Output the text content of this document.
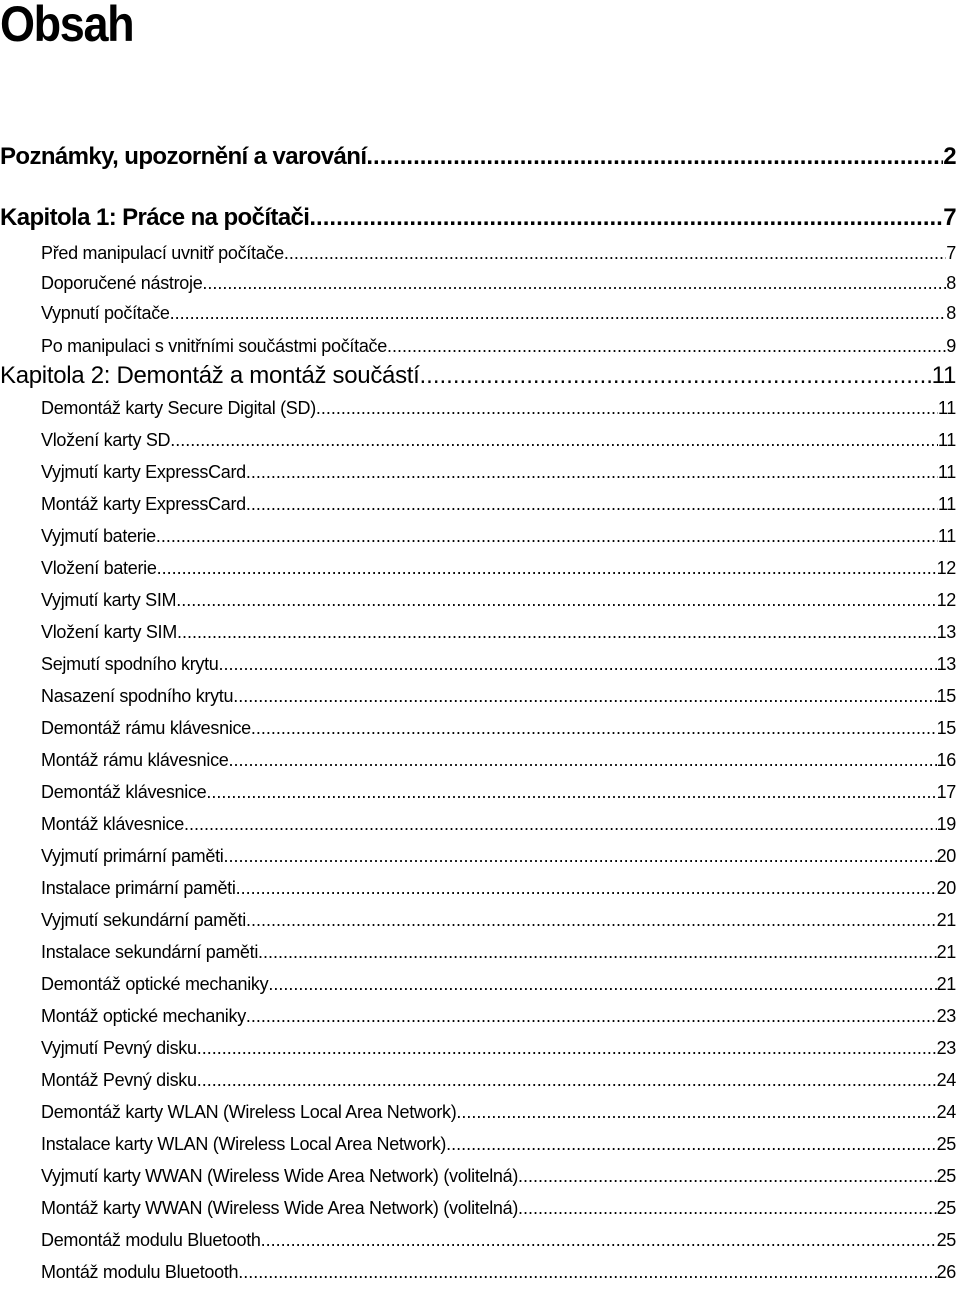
Obsah
Poznámky, upozornění a varování .....	2
Kapitola 1: Práce na počítači .....	7
Před manipulací uvnitř počítače .....	7
Doporučené nástroje .....	8
Vypnutí počítače .....	8
Po manipulaci s vnitřními součástmi počítače .....	9
Kapitola 2: Demontáž a montáž součástí .....	11
Demontáž karty Secure Digital (SD) .....	11
Vložení karty SD .....	11
Vyjmutí karty ExpressCard .....	11
Montáž karty ExpressCard .....	11
Vyjmutí baterie .....	11
Vložení baterie .....	12
Vyjmutí karty SIM .....	12
Vložení karty SIM .....	13
Sejmutí spodního krytu .....	13
Nasazení spodního krytu .....	15
Demontáž rámu klávesnice .....	15
Montáž rámu klávesnice .....	16
Demontáž klávesnice .....	17
Montáž klávesnice .....	19
Vyjmutí primární paměti .....	20
Instalace primární paměti .....	20
Vyjmutí sekundární paměti .....	21
Instalace sekundární paměti .....	21
Demontáž optické mechaniky .....	21
Montáž optické mechaniky .....	23
Vyjmutí Pevný disku .....	23
Montáž Pevný disku .....	24
Demontáž karty WLAN (Wireless Local Area Network) .....	24
Instalace karty WLAN (Wireless Local Area Network) .....	25
Vyjmutí karty WWAN (Wireless Wide Area Network) (volitelná) .....	25
Montáž karty WWAN (Wireless Wide Area Network) (volitelná) .....	25
Demontáž modulu Bluetooth .....	25
Montáž modulu Bluetooth .....	26
